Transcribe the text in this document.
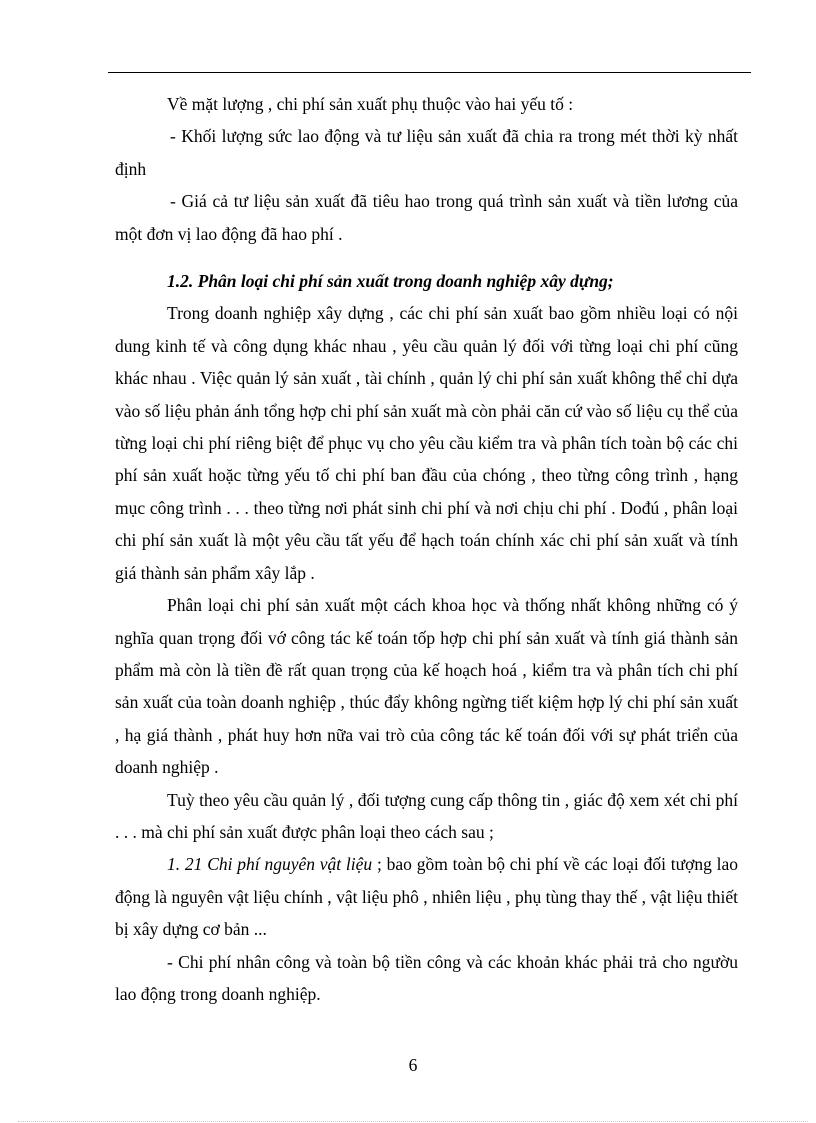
Về mặt lượng , chi phí sản xuất phụ thuộc vào hai yếu tố :

- Khối lượng sức lao động và tư liệu sản xuất đã chia ra trong mét thời kỳ nhất định

- Giá cả tư liệu sản xuất đã tiêu hao trong quá trình sản xuất và tiền lương của một đơn vị lao động đã hao phí .

1.2. Phân loại chi phí sản xuất trong doanh nghiệp xây dựng;

Trong doanh nghiệp xây dựng , các chi phí sản xuất bao gồm nhiều loại có nội dung kinh tế và công dụng khác nhau , yêu cầu quản lý đối với từng loại chi phí cũng khác nhau . Việc quản lý sản xuất , tài chính , quản lý chi phí sản xuất không thể chỉ dựa vào số liệu phản ánh tổng hợp chi phí sản xuất mà còn phải căn cứ vào số liệu cụ thể của từng loại chi phí riêng biệt để phục vụ cho yêu cầu kiểm tra và phân tích toàn bộ các chi phí sản xuất hoặc từng yếu tố chi phí ban đầu của chóng , theo từng công trình , hạng mục công trình . . . theo từng nơi phát sinh chi phí và nơi chịu chi phí . Dođú , phân loại chi phí sản xuất là một yêu cầu tất yếu để hạch toán chính xác chi phí sản xuất và tính giá thành sản phẩm xây lắp .

Phân loại chi phí sản xuất một cách khoa học và thống nhất không những có ý nghĩa quan trọng đối vớ công tác kế toán tốp hợp chi phí sản xuất và tính giá thành sản phẩm mà còn là tiền đề rất quan trọng của kế hoạch hoá , kiểm tra và phân tích chi phí sản xuất của toàn doanh nghiệp , thúc đẩy không ngừng tiết kiệm hợp lý chi phí sản xuất , hạ giá thành , phát huy hơn nữa vai trò của công tác kế toán đối với sự phát triển của doanh nghiệp .

Tuỳ theo yêu cầu quản lý , đối tượng cung cấp thông tin , giác độ xem xét chi phí . . . mà chi phí sản xuất được phân loại theo cách sau ;

1. 21 Chi phí nguyên vật liệu ; bao gồm toàn bộ chi phí về các loại đối tượng lao động là nguyên vật liệu chính , vật liệu phô , nhiên liệu , phụ tùng thay thế , vật liệu thiết bị xây dựng cơ bản ...

- Chi phí nhân công và toàn bộ tiền công và các khoản khác phải trả cho ngườu lao động trong doanh nghiệp.

6
